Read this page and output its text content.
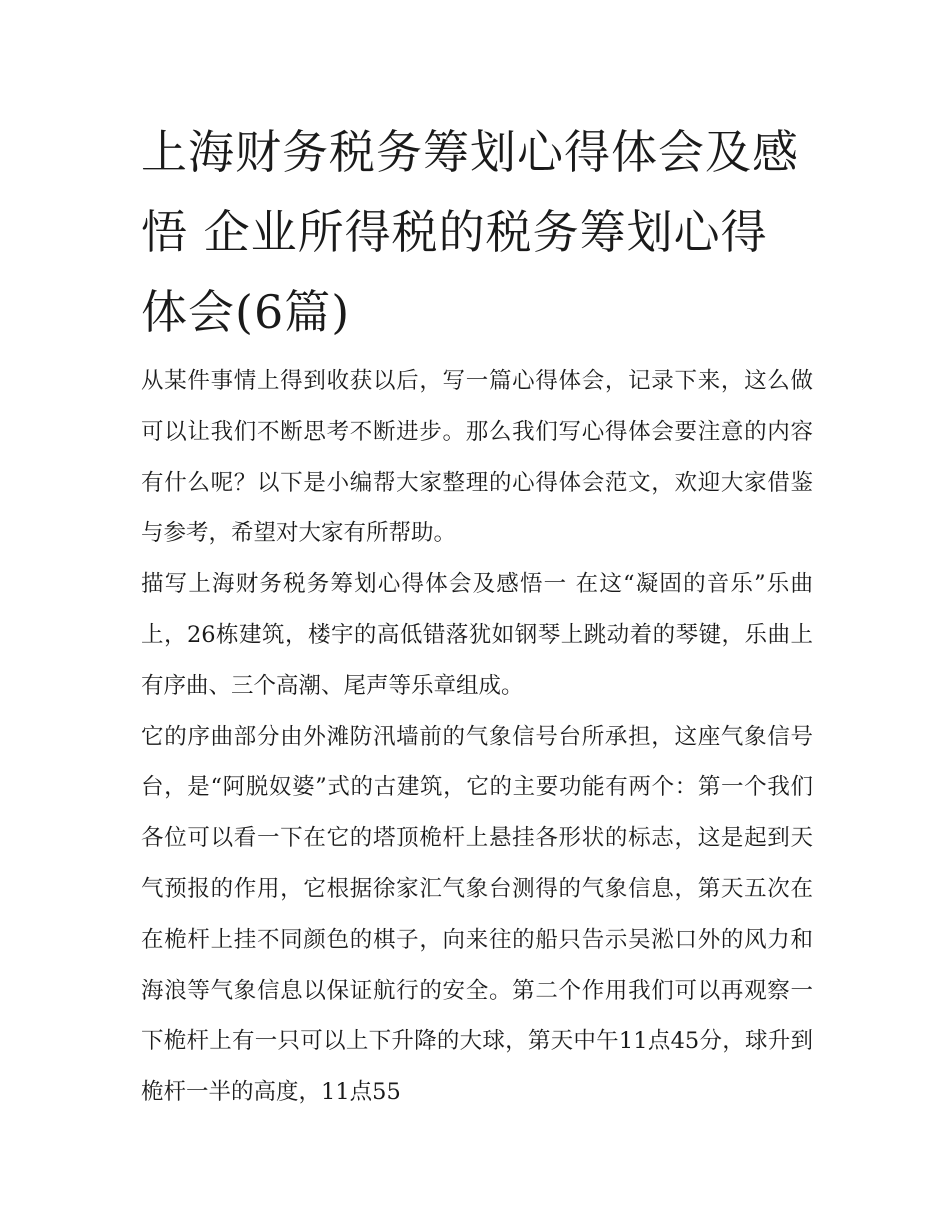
上海财务税务筹划心得体会及感悟 企业所得税的税务筹划心得体会(6篇)

从某件事情上得到收获以后，写一篇心得体会，记录下来，这么做可以让我们不断思考不断进步。那么我们写心得体会要注意的内容有什么呢？以下是小编帮大家整理的心得体会范文，欢迎大家借鉴与参考，希望对大家有所帮助。

描写上海财务税务筹划心得体会及感悟一 在这“凝固的音乐”乐曲上，26栋建筑，楼宇的高低错落犹如钢琴上跳动着的琴键，乐曲上有序曲、三个高潮、尾声等乐章组成。

它的序曲部分由外滩防汛墙前的气象信号台所承担，这座气象信号台，是“阿脱奴婆”式的古建筑，它的主要功能有两个：第一个我们各位可以看一下在它的塔顶桅杆上悬挂各形状的标志，这是起到天气预报的作用，它根据徐家汇气象台测得的气象信息，第天五次在在桅杆上挂不同颜色的棋子，向来往的船只告示吴淞口外的风力和海浪等气象信息以保证航行的安全。第二个作用我们可以再观察一下桅杆上有一只可以上下升降的大球，第天中午11点45分，球升到桅杆一半的高度，11点55
